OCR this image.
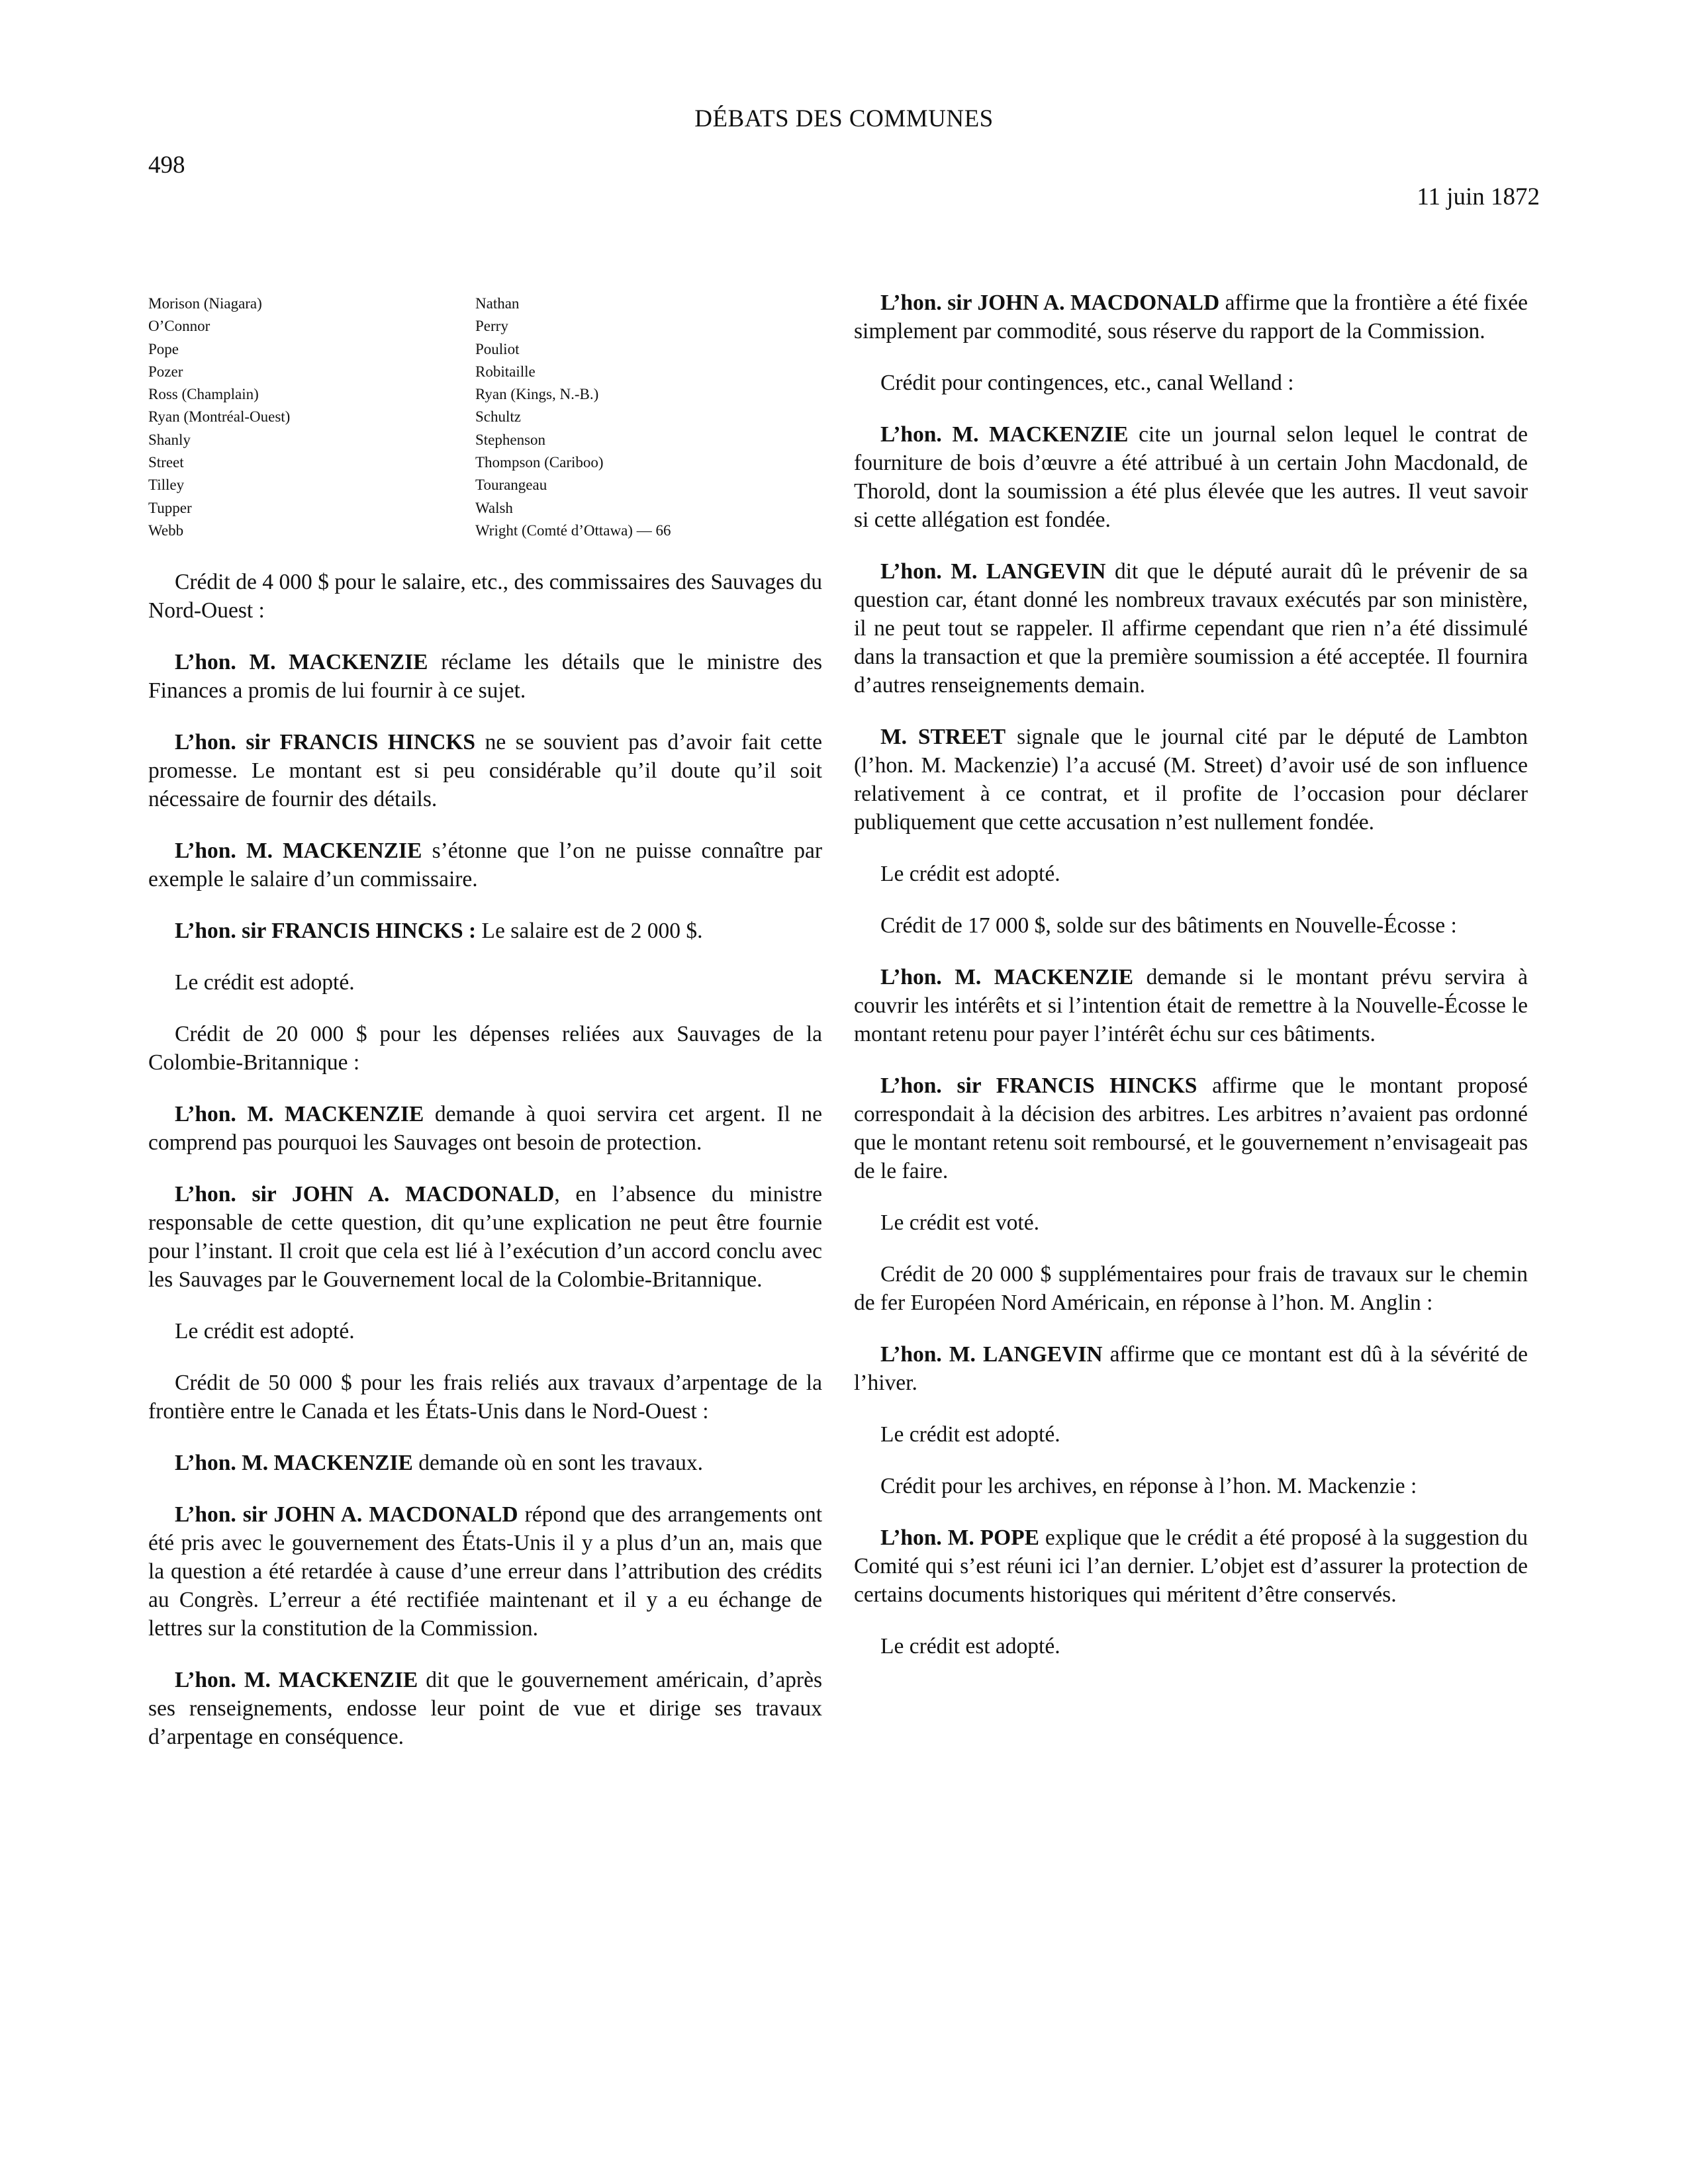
DÉBATS DES COMMUNES
498
11 juin 1872
Morison (Niagara)
O’Connor
Pope
Pozer
Ross (Champlain)
Ryan (Montréal-Ouest)
Shanly
Street
Tilley
Tupper
Webb
Nathan
Perry
Pouliot
Robitaille
Ryan (Kings, N.-B.)
Schultz
Stephenson
Thompson (Cariboo)
Tourangeau
Walsh
Wright (Comté d’Ottawa) — 66

Crédit de 4 000 $ pour le salaire, etc., des commissaires des Sauvages du Nord-Ouest :

L’hon. M. MACKENZIE réclame les détails que le ministre des Finances a promis de lui fournir à ce sujet.

L’hon. sir FRANCIS HINCKS ne se souvient pas d’avoir fait cette promesse. Le montant est si peu considérable qu’il doute qu’il soit nécessaire de fournir des détails.

L’hon. M. MACKENZIE s’étonne que l’on ne puisse connaître par exemple le salaire d’un commissaire.

L’hon. sir FRANCIS HINCKS : Le salaire est de 2 000 $.

Le crédit est adopté.

Crédit de 20 000 $ pour les dépenses reliées aux Sauvages de la Colombie-Britannique :

L’hon. M. MACKENZIE demande à quoi servira cet argent. Il ne comprend pas pourquoi les Sauvages ont besoin de protection.

L’hon. sir JOHN A. MACDONALD, en l’absence du ministre responsable de cette question, dit qu’une explication ne peut être fournie pour l’instant. Il croit que cela est lié à l’exécution d’un accord conclu avec les Sauvages par le Gouvernement local de la Colombie-Britannique.

Le crédit est adopté.

Crédit de 50 000 $ pour les frais reliés aux travaux d’arpentage de la frontière entre le Canada et les États-Unis dans le Nord-Ouest :

L’hon. M. MACKENZIE demande où en sont les travaux.

L’hon. sir JOHN A. MACDONALD répond que des arrangements ont été pris avec le gouvernement des États-Unis il y a plus d’un an, mais que la question a été retardée à cause d’une erreur dans l’attribution des crédits au Congrès. L’erreur a été rectifiée maintenant et il y a eu échange de lettres sur la constitution de la Commission.

L’hon. M. MACKENZIE dit que le gouvernement américain, d’après ses renseignements, endosse leur point de vue et dirige ses travaux d’arpentage en conséquence.

L’hon. sir JOHN A. MACDONALD affirme que la frontière a été fixée simplement par commodité, sous réserve du rapport de la Commission.

Crédit pour contingences, etc., canal Welland :

L’hon. M. MACKENZIE cite un journal selon lequel le contrat de fourniture de bois d’œuvre a été attribué à un certain John Macdonald, de Thorold, dont la soumission a été plus élevée que les autres. Il veut savoir si cette allégation est fondée.

L’hon. M. LANGEVIN dit que le député aurait dû le prévenir de sa question car, étant donné les nombreux travaux exécutés par son ministère, il ne peut tout se rappeler. Il affirme cependant que rien n’a été dissimulé dans la transaction et que la première soumission a été acceptée. Il fournira d’autres renseignements demain.

M. STREET signale que le journal cité par le député de Lambton (l’hon. M. Mackenzie) l’a accusé (M. Street) d’avoir usé de son influence relativement à ce contrat, et il profite de l’occasion pour déclarer publiquement que cette accusation n’est nullement fondée.

Le crédit est adopté.

Crédit de 17 000 $, solde sur des bâtiments en Nouvelle-Écosse :

L’hon. M. MACKENZIE demande si le montant prévu servira à couvrir les intérêts et si l’intention était de remettre à la Nouvelle-Écosse le montant retenu pour payer l’intérêt échu sur ces bâtiments.

L’hon. sir FRANCIS HINCKS affirme que le montant proposé correspondait à la décision des arbitres. Les arbitres n’avaient pas ordonné que le montant retenu soit remboursé, et le gouvernement n’envisageait pas de le faire.

Le crédit est voté.

Crédit de 20 000 $ supplémentaires pour frais de travaux sur le chemin de fer Européen Nord Américain, en réponse à l’hon. M. Anglin :

L’hon. M. LANGEVIN affirme que ce montant est dû à la sévérité de l’hiver.

Le crédit est adopté.

Crédit pour les archives, en réponse à l’hon. M. Mackenzie :

L’hon. M. POPE explique que le crédit a été proposé à la suggestion du Comité qui s’est réuni ici l’an dernier. L’objet est d’assurer la protection de certains documents historiques qui méritent d’être conservés.

Le crédit est adopté.
